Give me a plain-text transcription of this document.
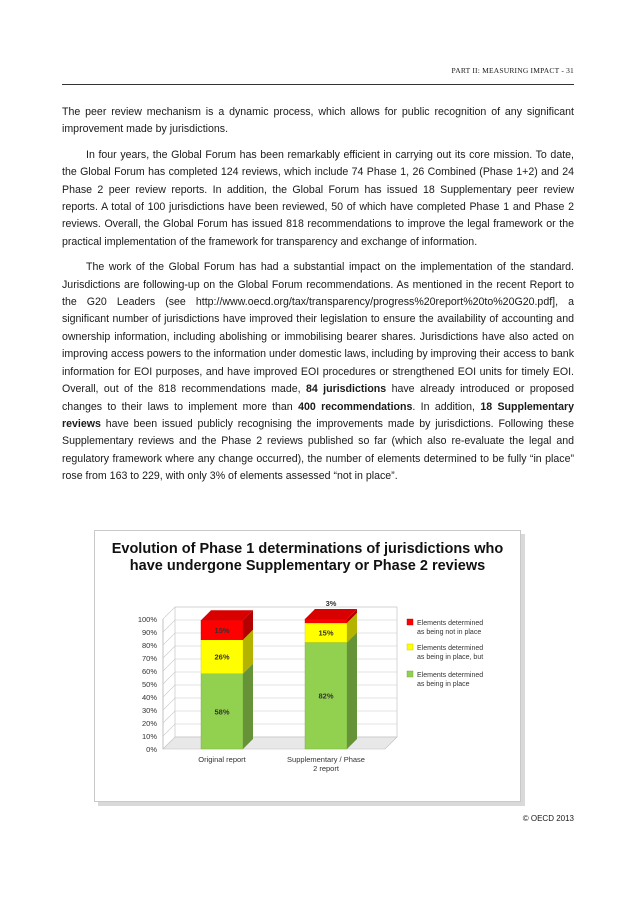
PART II: MEASURING IMPACT - 31

The peer review mechanism is a dynamic process, which allows for public recognition of any significant improvement made by jurisdictions.

In four years, the Global Forum has been remarkably efficient in carrying out its core mission. To date, the Global Forum has completed 124 reviews, which include 74 Phase 1, 26 Combined (Phase 1+2) and 24 Phase 2 peer review reports. In addition, the Global Forum has issued 18 Supplementary peer review reports. A total of 100 jurisdictions have been reviewed, 50 of which have completed Phase 1 and Phase 2 reviews. Overall, the Global Forum has issued 818 recommendations to improve the legal framework or the practical implementation of the framework for transparency and exchange of information.

The work of the Global Forum has had a substantial impact on the implementation of the standard. Jurisdictions are following-up on the Global Forum recommendations. As mentioned in the recent Report to the G20 Leaders (see http://www.oecd.org/tax/transparency/progress%20report%20to%20G20.pdf], a significant number of jurisdictions have improved their legislation to ensure the availability of accounting and ownership information, including abolishing or immobilising bearer shares. Jurisdictions have also acted on improving access powers to the information under domestic laws, including by improving their access to bank information for EOI purposes, and have improved EOI procedures or strengthened EOI units for timely EOI. Overall, out of the 818 recommendations made, 84 jurisdictions have already introduced or proposed changes to their laws to implement more than 400 recommendations. In addition, 18 Supplementary reviews have been issued publicly recognising the improvements made by jurisdictions. Following these Supplementary reviews and the Phase 2 reviews published so far (which also re-evaluate the legal and regulatory framework where any change occurred), the number of elements determined to be fully “in place” rose from 163 to 229, with only 3% of elements assessed “not in place”.

Evolution of Phase 1 determinations of jurisdictions who have undergone Supplementary or Phase 2 reviews
0%
10%
20%
30%
40%
50%
60%
70%
80%
90%
100%
58%
26%
15%
Original report
82%
15%
3%
Supplementary / Phase
2 report
Elements determined
as being not in place
Elements determined
as being in place, but
Elements determined
as being in place
© OECD 2013
